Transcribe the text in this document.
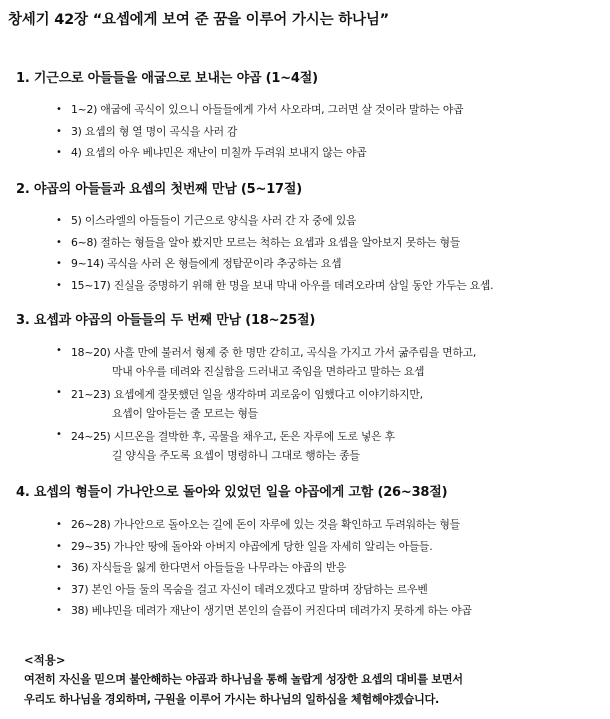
창세기 42장 “요셉에게 보여 준 꿈을 이루어 가시는 하나님”
1. 기근으로 아들들을 애굽으로 보내는 야곱 (1~4절)
• 1~2) 애굽에 곡식이 있으니 아들들에게 가서 사오라며, 그러면 살 것이라 말하는 야곱
• 3) 요셉의 형 열 명이 곡식을 사러 감
• 4) 요셉의 아우 베냐민은 재난이 미칠까 두려워 보내지 않는 야곱
2. 야곱의 아들들과 요셉의 첫번째 만남 (5~17절)
• 5) 이스라엘의 아들들이 기근으로 양식을 사러 간 자 중에 있음
• 6~8) 절하는 형들을 알아 봤지만 모르는 척하는 요셉과 요셉을 알아보지 못하는 형들
• 9~14) 곡식을 사러 온 형들에게 정탐꾼이라 추궁하는 요셉
• 15~17) 진실을 증명하기 위해 한 명을 보내 막내 아우를 데려오라며 삼일 동안 가두는 요셉.
3. 요셉과 야곱의 아들들의 두 번째 만남 (18~25절)
• 18~20) 사흘 만에 불러서 형제 중 한 명만 갇히고, 곡식을 가지고 가서 굶주림을 면하고,
막내 아우를 데려와 진실함을 드러내고 죽임을 면하라고 말하는 요셉
• 21~23) 요셉에게 잘못했던 일을 생각하며 괴로움이 임했다고 이야기하지만,
요셉이 알아듣는 줄 모르는 형들
• 24~25) 시므온을 결박한 후, 곡물을 채우고, 돈은 자루에 도로 넣은 후
길 양식을 주도록 요셉이 명령하니 그대로 행하는 종들
4. 요셉의 형들이 가나안으로 돌아와 있었던 일을 야곱에게 고함 (26~38절)
• 26~28) 가나안으로 돌아오는 길에 돈이 자루에 있는 것을 확인하고 두려워하는 형들
• 29~35) 가나안 땅에 돌아와 아버지 야곱에게 당한 일을 자세히 알리는 아들들.
• 36) 자식들을 잃게 한다면서 아들들을 나무라는 야곱의 반응
• 37) 본인 아들 둘의 목숨을 걸고 자신이 데려오겠다고 말하며 장담하는 르우벤
• 38) 베냐민을 데려가 재난이 생기면 본인의 슬픔이 커진다며 데려가지 못하게 하는 야곱
<적용>
여전히 자신을 믿으며 불안해하는 야곱과 하나님을 통해 놀랍게 성장한 요셉의 대비를 보면서
우리도 하나님을 경외하며, 구원을 이루어 가시는 하나님의 일하심을 체험해야겠습니다.
